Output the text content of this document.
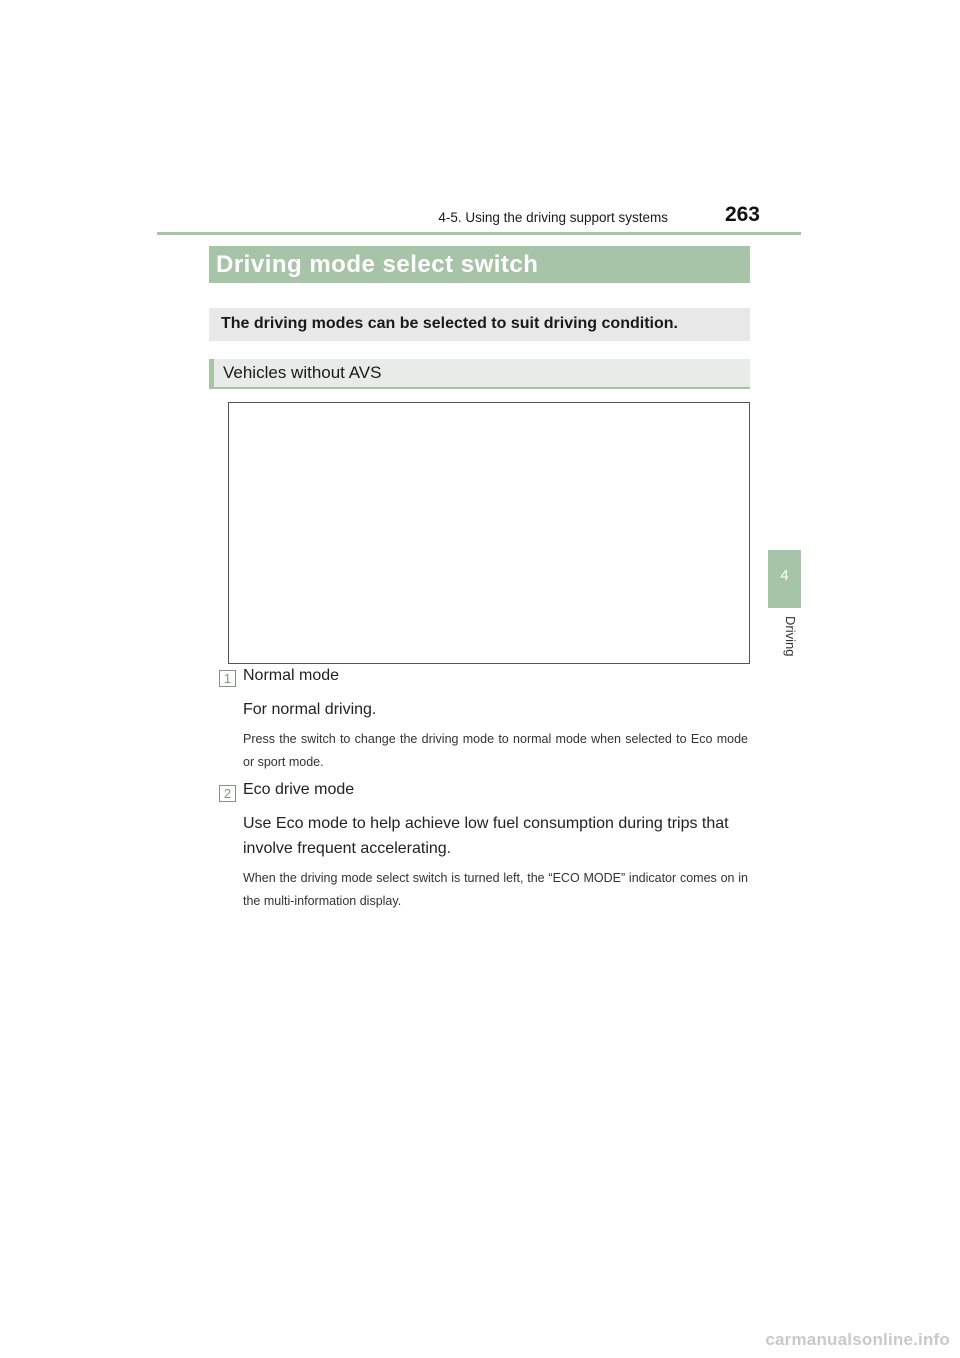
4-5. Using the driving support systems	263
4
Driving
Driving mode select switch
The driving modes can be selected to suit driving condition.
Vehicles without AVS
1 Normal mode
For normal driving.
Press the switch to change the driving mode to normal mode when selected to Eco mode or sport mode.
2 Eco drive mode
Use Eco mode to help achieve low fuel consumption during trips that involve frequent accelerating.
When the driving mode select switch is turned left, the “ECO MODE” indicator comes on in the multi-information display.
carmanualsonline.info
